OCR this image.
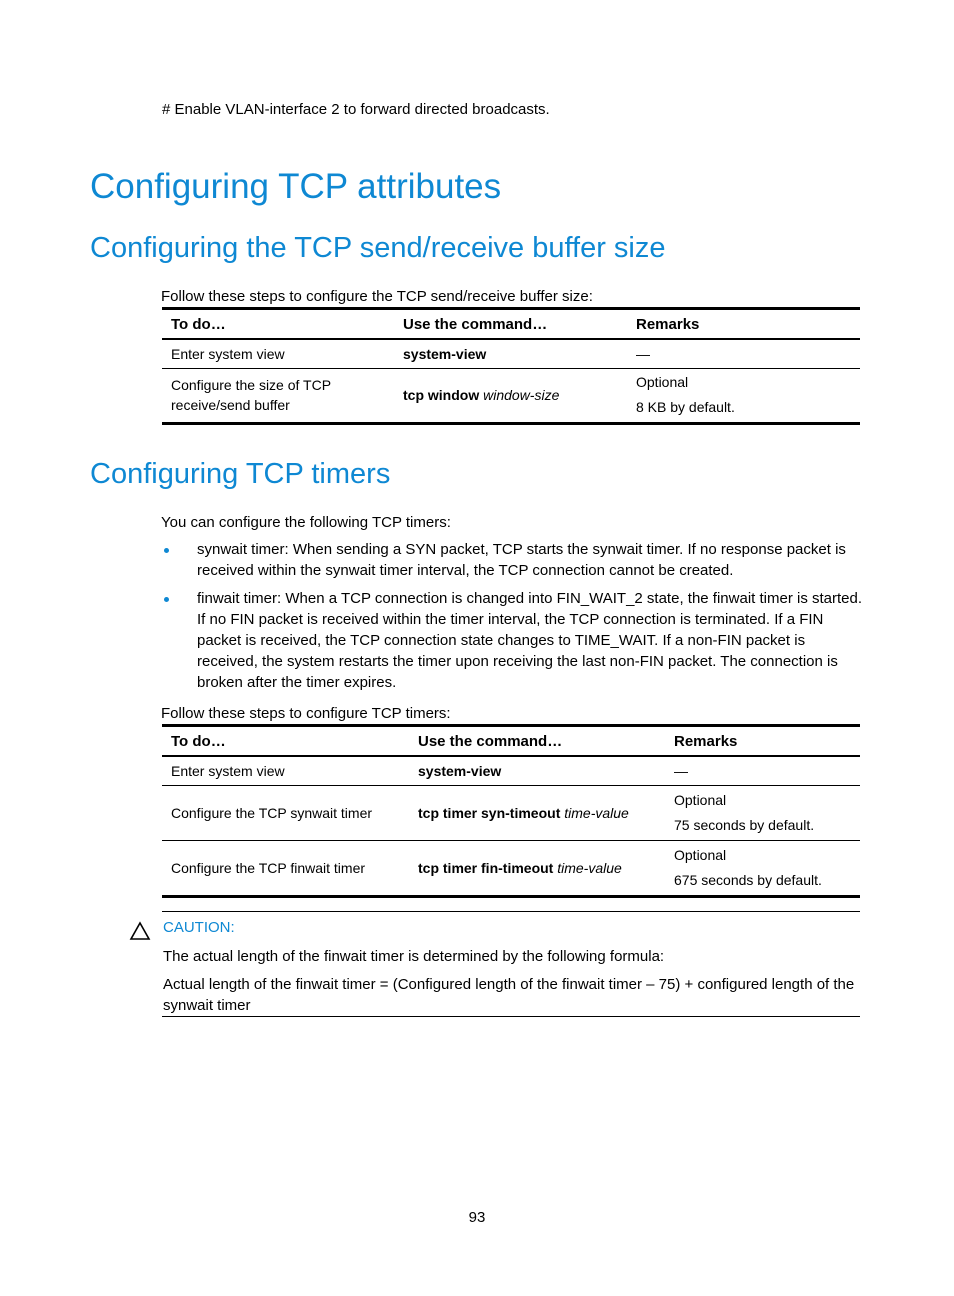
# Enable VLAN-interface 2 to forward directed broadcasts.
Configuring TCP attributes
Configuring the TCP send/receive buffer size
Follow these steps to configure the TCP send/receive buffer size:
To do…	Use the command…	Remarks
Enter system view	system-view	—
Configure the size of TCP receive/send buffer	tcp window window-size	Optional
8 KB by default.
Configuring TCP timers
You can configure the following TCP timers:
synwait timer: When sending a SYN packet, TCP starts the synwait timer. If no response packet is received within the synwait timer interval, the TCP connection cannot be created.
finwait timer: When a TCP connection is changed into FIN_WAIT_2 state, the finwait timer is started. If no FIN packet is received within the timer interval, the TCP connection is terminated. If a FIN packet is received, the TCP connection state changes to TIME_WAIT. If a non-FIN packet is received, the system restarts the timer upon receiving the last non-FIN packet. The connection is broken after the timer expires.
Follow these steps to configure TCP timers:
To do…	Use the command…	Remarks
Enter system view	system-view	—
Configure the TCP synwait timer	tcp timer syn-timeout time-value	Optional
75 seconds by default.

Configure the TCP finwait timer	tcp timer fin-timeout time-value	Optional
675 seconds by default.
CAUTION:
The actual length of the finwait timer is determined by the following formula:
Actual length of the finwait timer = (Configured length of the finwait timer – 75) + configured length of the synwait timer
93
